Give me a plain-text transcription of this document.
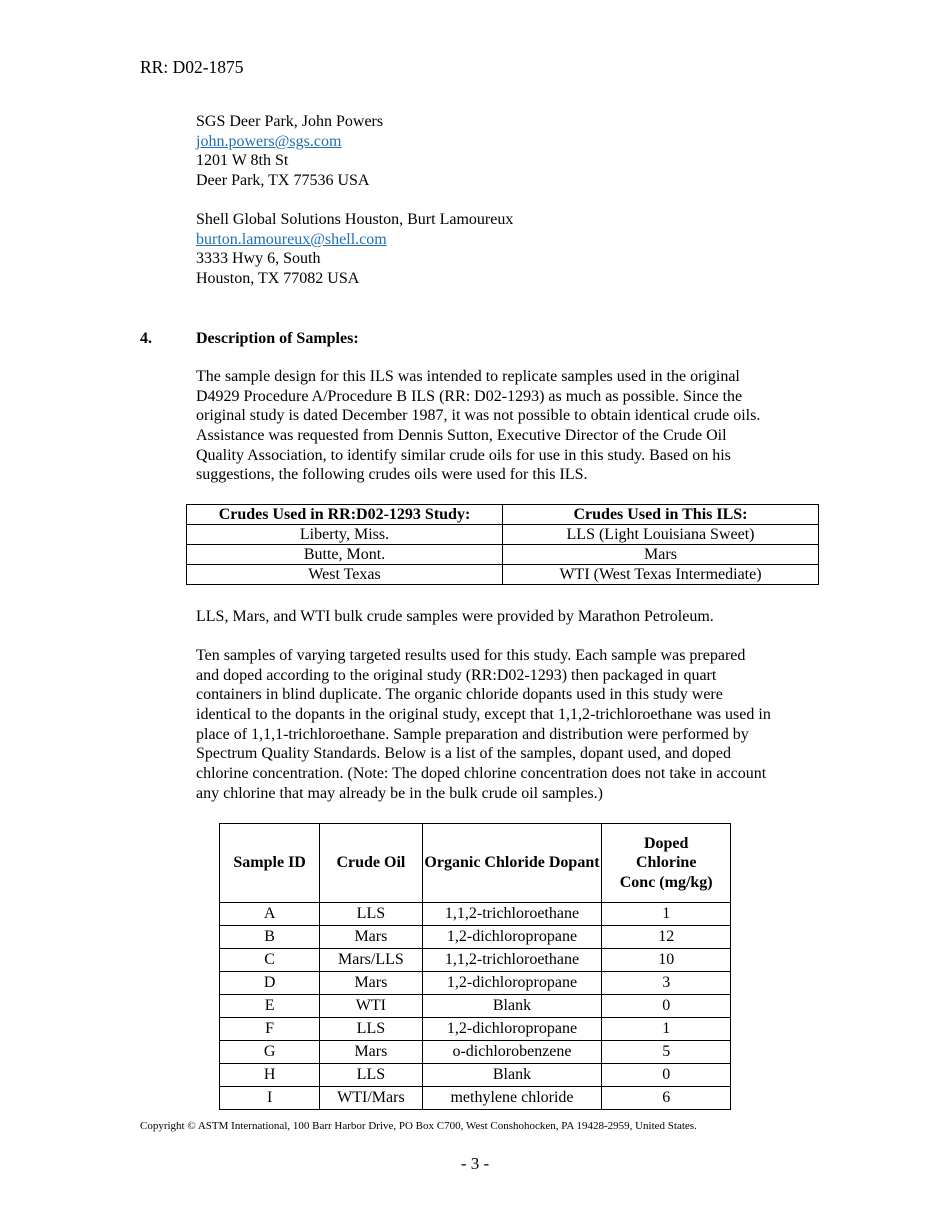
RR: D02-1875
SGS Deer Park, John Powers
john.powers@sgs.com
1201 W 8th St
Deer Park, TX 77536 USA
Shell Global Solutions Houston, Burt Lamoureux
burton.lamoureux@shell.com
3333 Hwy 6, South
Houston, TX 77082 USA
4.	Description of Samples:
The sample design for this ILS was intended to replicate samples used in the original
D4929 Procedure A/Procedure B ILS (RR: D02-1293) as much as possible. Since the
original study is dated December 1987, it was not possible to obtain identical crude oils.
Assistance was requested from Dennis Sutton, Executive Director of the Crude Oil
Quality Association, to identify similar crude oils for use in this study. Based on his
suggestions, the following crudes oils were used for this ILS.
Crudes Used in RR:D02-1293 Study:	Crudes Used in This ILS:
Liberty, Miss.	LLS (Light Louisiana Sweet)
Butte, Mont.	Mars
West Texas	WTI (West Texas Intermediate)
LLS, Mars, and WTI bulk crude samples were provided by Marathon Petroleum.
Ten samples of varying targeted results used for this study. Each sample was prepared
and doped according to the original study (RR:D02-1293) then packaged in quart
containers in blind duplicate. The organic chloride dopants used in this study were
identical to the dopants in the original study, except that 1,1,2-trichloroethane was used in
place of 1,1,1-trichloroethane. Sample preparation and distribution were performed by
Spectrum Quality Standards. Below is a list of the samples, dopant used, and doped
chlorine concentration. (Note: The doped chlorine concentration does not take in account
any chlorine that may already be in the bulk crude oil samples.)
Sample ID	Crude Oil	Organic Chloride Dopant	Doped Chlorine Conc (mg/kg)
A	LLS	1,1,2-trichloroethane	1
B	Mars	1,2-dichloropropane	12
C	Mars/LLS	1,1,2-trichloroethane	10
D	Mars	1,2-dichloropropane	3
E	WTI	Blank	0
F	LLS	1,2-dichloropropane	1
G	Mars	o-dichlorobenzene	5
H	LLS	Blank	0
I	WTI/Mars	methylene chloride	6
Copyright © ASTM International, 100 Barr Harbor Drive, PO Box C700, West Conshohocken, PA 19428-2959, United States.
- 3 -
